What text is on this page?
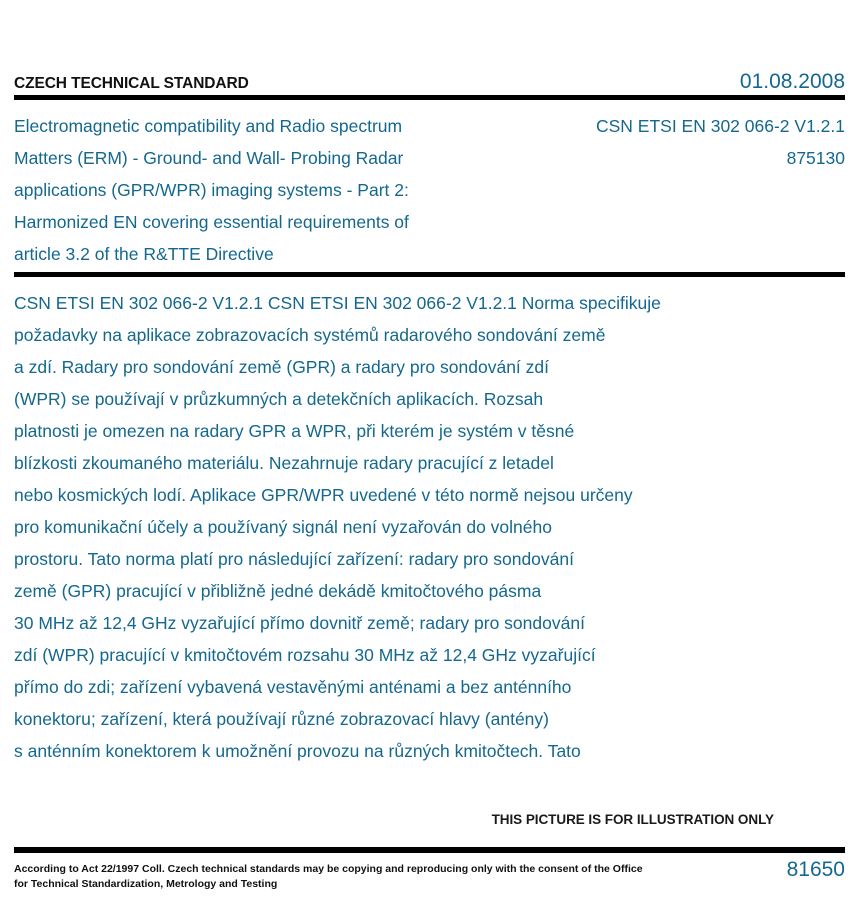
CZECH TECHNICAL STANDARD	01.08.2008
Electromagnetic compatibility and Radio spectrum
Matters (ERM) - Ground- and Wall- Probing Radar
applications (GPR/WPR) imaging systems - Part 2:
Harmonized EN covering essential requirements of
article 3.2 of the R&TTE Directive
CSN ETSI EN 302 066-2 V1.2.1
875130
CSN ETSI EN 302 066-2 V1.2.1 CSN ETSI EN 302 066-2 V1.2.1 Norma specifikuje
požadavky na aplikace zobrazovacích systémů radarového sondování země
a zdí. Radary pro sondování země (GPR) a radary pro sondování zdí
(WPR) se používají v průzkumných a detekčních aplikacích. Rozsah
platnosti je omezen na radary GPR a WPR, při kterém je systém v těsné
blízkosti zkoumaného materiálu. Nezahrnuje radary pracující z letadel
nebo kosmických lodí. Aplikace GPR/WPR uvedené v této normě nejsou určeny
pro komunikační účely a používaný signál není vyzařován do volného
prostoru. Tato norma platí pro následující zařízení: radary pro sondování
země (GPR) pracující v přibližně jedné dekádě kmitočtového pásma
30 MHz až 12,4 GHz vyzařující přímo dovnitř země; radary pro sondování
zdí (WPR) pracující v kmitočtovém rozsahu 30 MHz až 12,4 GHz vyzařující
přímo do zdi; zařízení vybavená vestavěnými anténami a bez anténního
konektoru; zařízení, která používají různé zobrazovací hlavy (antény)
s anténním konektorem k umožnění provozu na různých kmitočtech. Tato
THIS PICTURE IS FOR ILLUSTRATION ONLY
According to Act 22/1997 Coll. Czech technical standards may be copying and reproducing only with the consent of the Office
for Technical Standardization, Metrology and Testing
81650
